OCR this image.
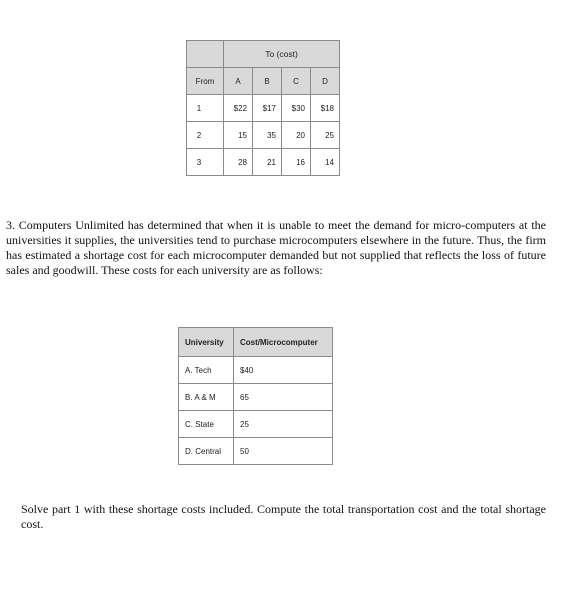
	To (cost)			
From	A	B	C	D
1	$22	$17	$30	$18
2	15	35	20	25
3	28	21	16	14

3. Computers Unlimited has determined that when it is unable to meet the demand for micro-computers at the universities it supplies, the universities tend to purchase microcomputers elsewhere in the future. Thus, the firm has estimated a shortage cost for each microcomputer demanded but not supplied that reflects the loss of future sales and goodwill. These costs for each university are as follows:

University	Cost/Microcomputer
A. Tech	$40
B. A & M	65
C. State	25
D. Central	50

Solve part 1 with these shortage costs included. Compute the total transportation cost and the total shortage cost.
